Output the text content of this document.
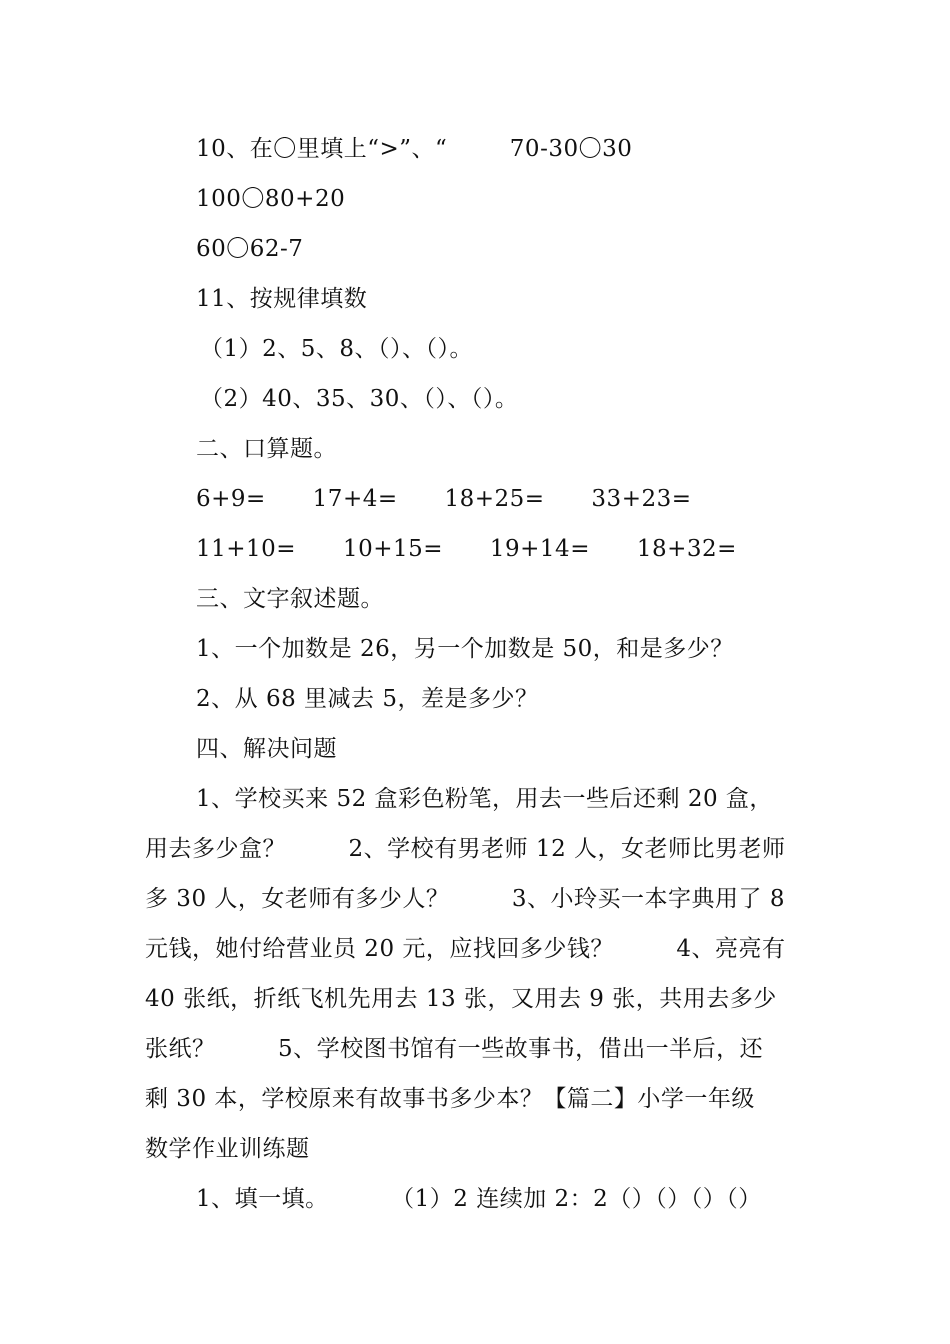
10、在〇里填上“>”、“        70-30〇30
100〇80+20
60〇62-7
11、按规律填数
（1）2、5、8、（）、（）。
（2）40、35、30、（）、（）。
二、口算题。
6+9=      17+4=      18+25=      33+23=
11+10=      10+15=      19+14=      18+32=
三、文字叙述题。
1、一个加数是 26，另一个加数是 50，和是多少？
2、从 68 里减去 5，差是多少？
四、解决问题
1、学校买来 52 盒彩色粉笔，用去一些后还剩 20 盒，
用去多少盒？        2、学校有男老师 12 人，女老师比男老师
多 30 人，女老师有多少人？        3、小玲买一本字典用了 8
元钱，她付给营业员 20 元，应找回多少钱？        4、亮亮有
40 张纸，折纸飞机先用去 13 张，又用去 9 张，共用去多少
张纸？        5、学校图书馆有一些故事书，借出一半后，还
剩 30 本，学校原来有故事书多少本？【篇二】小学一年级
数学作业训练题
1、填一填。        （1）2 连续加 2：2（）（）（）（）
